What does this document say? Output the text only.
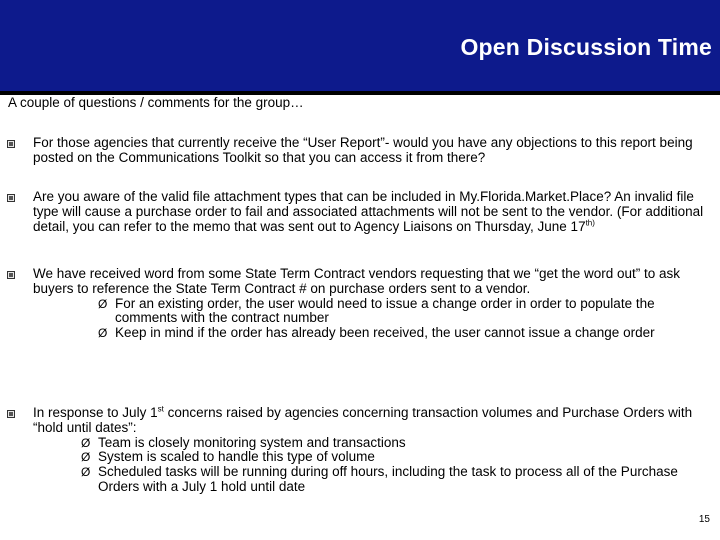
Open Discussion Time
A couple of questions / comments for the group…

For those agencies that currently receive the “User Report”- would you have any objections to this report being posted on the Communications Toolkit so that you can access it from there?

Are you aware of the valid file attachment types that can be included in My.Florida.Market.Place? An invalid file type will cause a purchase order to fail and associated attachments will not be sent to the vendor. (For additional detail, you can refer to the memo that was sent out to Agency Liaisons on Thursday, June $17^{th)}$

We have received word from some State Term Contract vendors requesting that we “get the word out” to ask buyers to reference the State Term Contract # on purchase orders sent to a vendor.

Ø For an existing order, the user would need to issue a change order in order to populate the comments with the contract number
Ø Keep in mind if the order has already been received, the user cannot issue a change order

In response to July 1st concerns raised by agencies concerning transaction volumes and Purchase Orders with “hold until dates”:

Ø Team is closely monitoring system and transactions
Ø System is scaled to handle this type of volume
Ø Scheduled tasks will be running during off hours, including the task to process all of the Purchase Orders with a July 1 hold until date
15
